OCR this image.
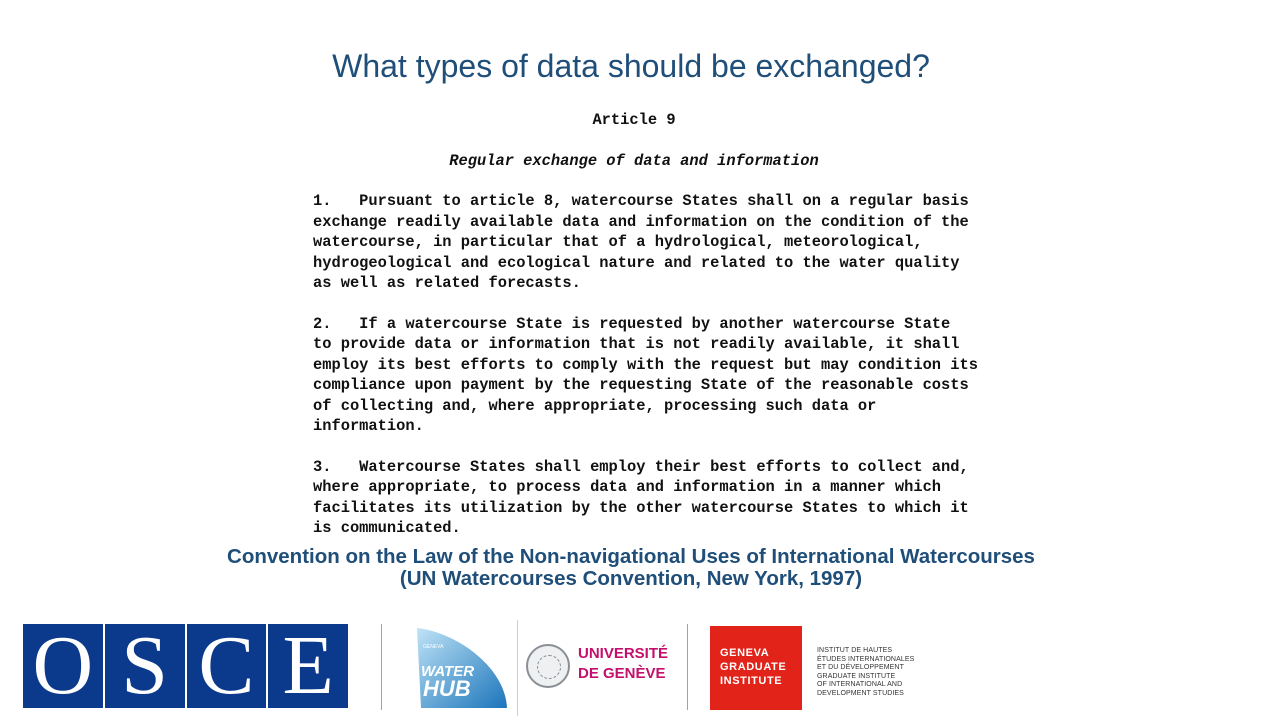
What types of data should be exchanged?
Article 9
Regular exchange of data and information
1.   Pursuant to article 8, watercourse States shall on a regular basis
exchange readily available data and information on the condition of the
watercourse, in particular that of a hydrological, meteorological,
hydrogeological and ecological nature and related to the water quality
as well as related forecasts.
2.   If a watercourse State is requested by another watercourse State
to provide data or information that is not readily available, it shall
employ its best efforts to comply with the request but may condition its
compliance upon payment by the requesting State of the reasonable costs
of collecting and, where appropriate, processing such data or
information.
3.   Watercourse States shall employ their best efforts to collect and,
where appropriate, to process data and information in a manner which
facilitates its utilization by the other watercourse States to which it
is communicated.
Convention on the Law of the Non-navigational Uses of International Watercourses
(UN Watercourses Convention, New York, 1997)
O S C E	GENEVA
WATER
HUB
UNIVERSITÉ
DE GENÈVE
GENEVA
GRADUATE
INSTITUTE
INSTITUT DE HAUTES
ÉTUDES INTERNATIONALES
ET DU DÉVELOPPEMENT
GRADUATE INSTITUTE
OF INTERNATIONAL AND
DEVELOPMENT STUDIES
